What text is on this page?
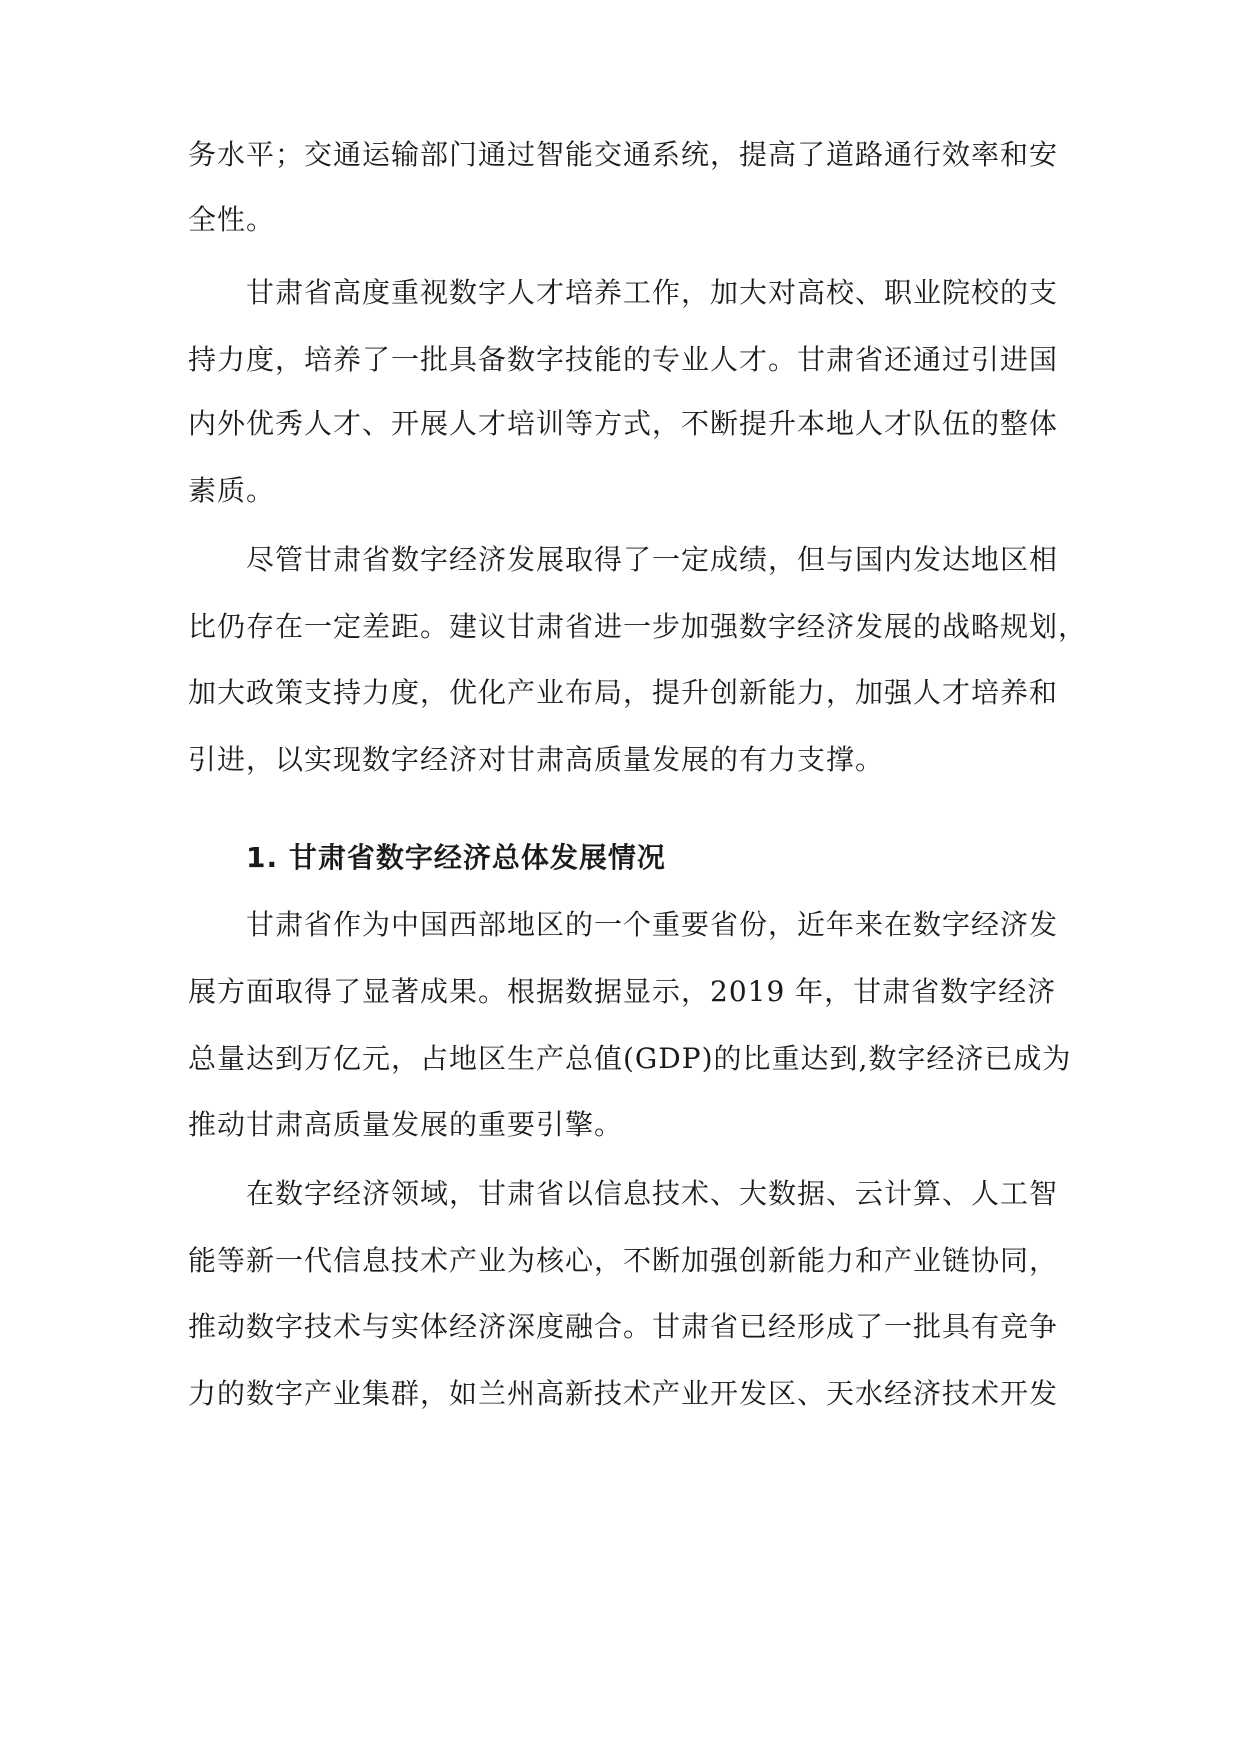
务水平；交通运输部门通过智能交通系统，提高了道路通行效率和安
全性。
甘肃省高度重视数字人才培养工作，加大对高校、职业院校的支
持力度，培养了一批具备数字技能的专业人才。甘肃省还通过引进国
内外优秀人才、开展人才培训等方式，不断提升本地人才队伍的整体
素质。
尽管甘肃省数字经济发展取得了一定成绩，但与国内发达地区相
比仍存在一定差距。建议甘肃省进一步加强数字经济发展的战略规划，
加大政策支持力度，优化产业布局，提升创新能力，加强人才培养和
引进，以实现数字经济对甘肃高质量发展的有力支撑。
1. 甘肃省数字经济总体发展情况
甘肃省作为中国西部地区的一个重要省份，近年来在数字经济发
展方面取得了显著成果。根据数据显示，2019 年，甘肃省数字经济
总量达到万亿元，占地区生产总值(GDP)的比重达到,数字经济已成为
推动甘肃高质量发展的重要引擎。
在数字经济领域，甘肃省以信息技术、大数据、云计算、人工智
能等新一代信息技术产业为核心，不断加强创新能力和产业链协同，
推动数字技术与实体经济深度融合。甘肃省已经形成了一批具有竞争
力的数字产业集群，如兰州高新技术产业开发区、天水经济技术开发
